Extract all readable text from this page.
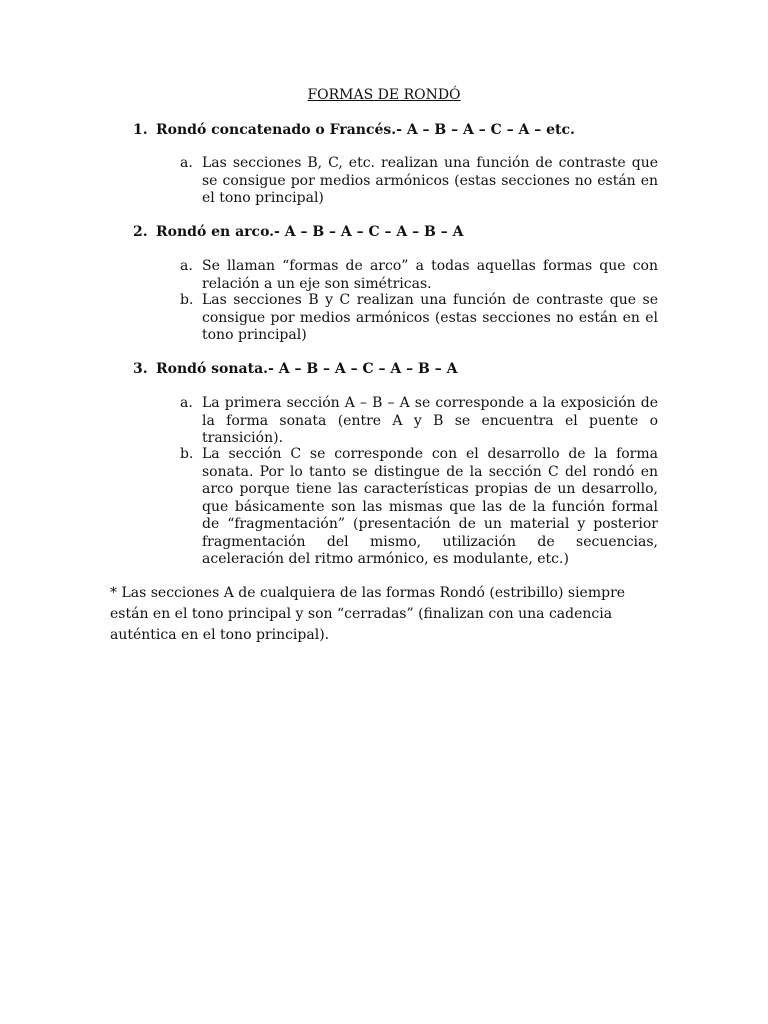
FORMAS DE RONDÓ
1. Rondó concatenado o Francés.- A – B – A – C – A – etc.
a. Las secciones B, C, etc. realizan una función de contraste que se consigue por medios armónicos (estas secciones no están en el tono principal)
2. Rondó en arco.- A – B – A – C – A – B – A
a. Se llaman “formas de arco” a todas aquellas formas que con relación a un eje son simétricas.
b. Las secciones B y C realizan una función de contraste que se consigue por medios armónicos (estas secciones no están en el tono principal)
3. Rondó sonata.- A – B – A – C – A – B – A
a. La primera sección A – B – A se corresponde a la exposición de la forma sonata (entre A y B se encuentra el puente o transición).
b. La sección C se corresponde con el desarrollo de la forma sonata. Por lo tanto se distingue de la sección C del rondó en arco porque tiene las características propias de un desarrollo, que básicamente son las mismas que las de la función formal de “fragmentación” (presentación de un material y posterior fragmentación del mismo, utilización de secuencias, aceleración del ritmo armónico, es modulante, etc.)
* Las secciones A de cualquiera de las formas Rondó (estribillo) siempre están en el tono principal y son “cerradas” (finalizan con una cadencia auténtica en el tono principal).
